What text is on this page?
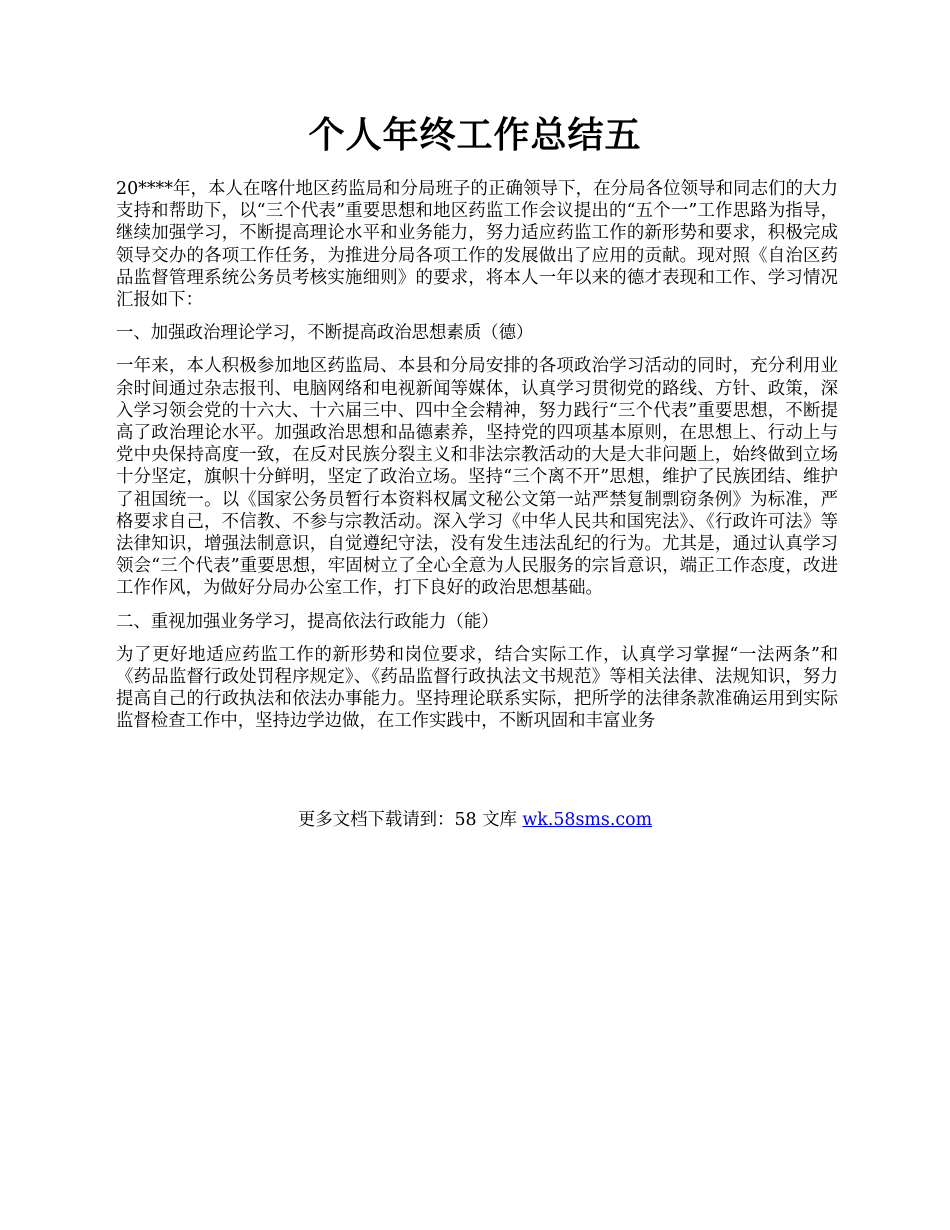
个人年终工作总结五

20****年，本人在喀什地区药监局和分局班子的正确领导下，在分局各位领导和同志们的大力支持和帮助下，以“三个代表”重要思想和地区药监工作会议提出的“五个一”工作思路为指导，继续加强学习，不断提高理论水平和业务能力，努力适应药监工作的新形势和要求，积极完成领导交办的各项工作任务，为推进分局各项工作的发展做出了应用的贡献。现对照《自治区药品监督管理系统公务员考核实施细则》的要求，将本人一年以来的德才表现和工作、学习情况汇报如下：

一、加强政治理论学习，不断提高政治思想素质（德）

一年来，本人积极参加地区药监局、本县和分局安排的各项政治学习活动的同时，充分利用业余时间通过杂志报刊、电脑网络和电视新闻等媒体，认真学习贯彻党的路线、方针、政策，深入学习领会党的十六大、十六届三中、四中全会精神，努力践行“三个代表”重要思想，不断提高了政治理论水平。加强政治思想和品德素养，坚持党的四项基本原则，在思想上、行动上与党中央保持高度一致，在反对民族分裂主义和非法宗教活动的大是大非问题上，始终做到立场十分坚定，旗帜十分鲜明，坚定了政治立场。坚持“三个离不开”思想，维护了民族团结、维护了祖国统一。以《国家公务员暂行本资料权属文秘公文第一站严禁复制剽窃条例》为标准，严格要求自己，不信教、不参与宗教活动。深入学习《中华人民共和国宪法》、《行政许可法》等法律知识，增强法制意识，自觉遵纪守法，没有发生违法乱纪的行为。尤其是，通过认真学习领会“三个代表”重要思想，牢固树立了全心全意为人民服务的宗旨意识，端正工作态度，改进工作作风，为做好分局办公室工作，打下良好的政治思想基础。

二、重视加强业务学习，提高依法行政能力（能）

为了更好地适应药监工作的新形势和岗位要求，结合实际工作，认真学习掌握“一法两条”和《药品监督行政处罚程序规定》、《药品监督行政执法文书规范》等相关法律、法规知识，努力提高自己的行政执法和依法办事能力。坚持理论联系实际，把所学的法律条款准确运用到实际监督检查工作中，坚持边学边做，在工作实践中，不断巩固和丰富业务

更多文档下载请到：58 文库 wk.58sms.com
